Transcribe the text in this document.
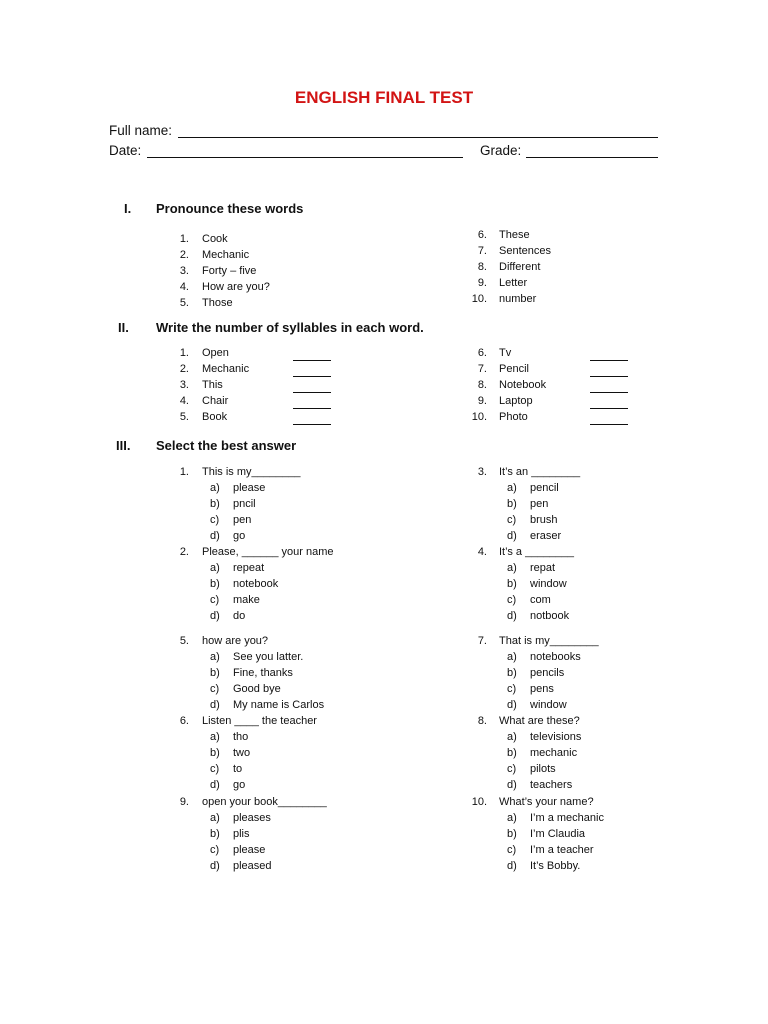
ENGLISH FINAL TEST
Full name:
Date:	Grade:
I. Pronounce these words
1. Cook
2. Mechanic
3. Forty – five
4. How are you?
5. Those
6. These
7. Sentences
8. Different
9. Letter
10. number
II. Write the number of syllables in each word.
1. Open
2. Mechanic
3. This
4. Chair
5. Book
6. Tv
7. Pencil
8. Notebook
9. Laptop
10. Photo
III. Select the best answer
1. This is my________
a) please
b) pncil
c) pen
d) go
3. It’s an ________
a) pencil
b) pen
c) brush
d) eraser
2. Please, ______ your name
a) repeat
b) notebook
c) make
d) do
4. It’s a ________
a) repat
b) window
c) com
d) notbook
5. how are you?
a) See you latter.
b) Fine, thanks
c) Good bye
d) My name is Carlos
7. That is my________
a) notebooks
b) pencils
c) pens
d) window
6. Listen ____ the teacher
a) tho
b) two
c) to
d) go
8. What are these?
a) televisions
b) mechanic
c) pilots
d) teachers
9. open your book________
a) pleases
b) plis
c) please
d) pleased
10. What’s your name?
a) I’m a mechanic
b) I’m Claudia
c) I’m a teacher
d) It’s Bobby.
